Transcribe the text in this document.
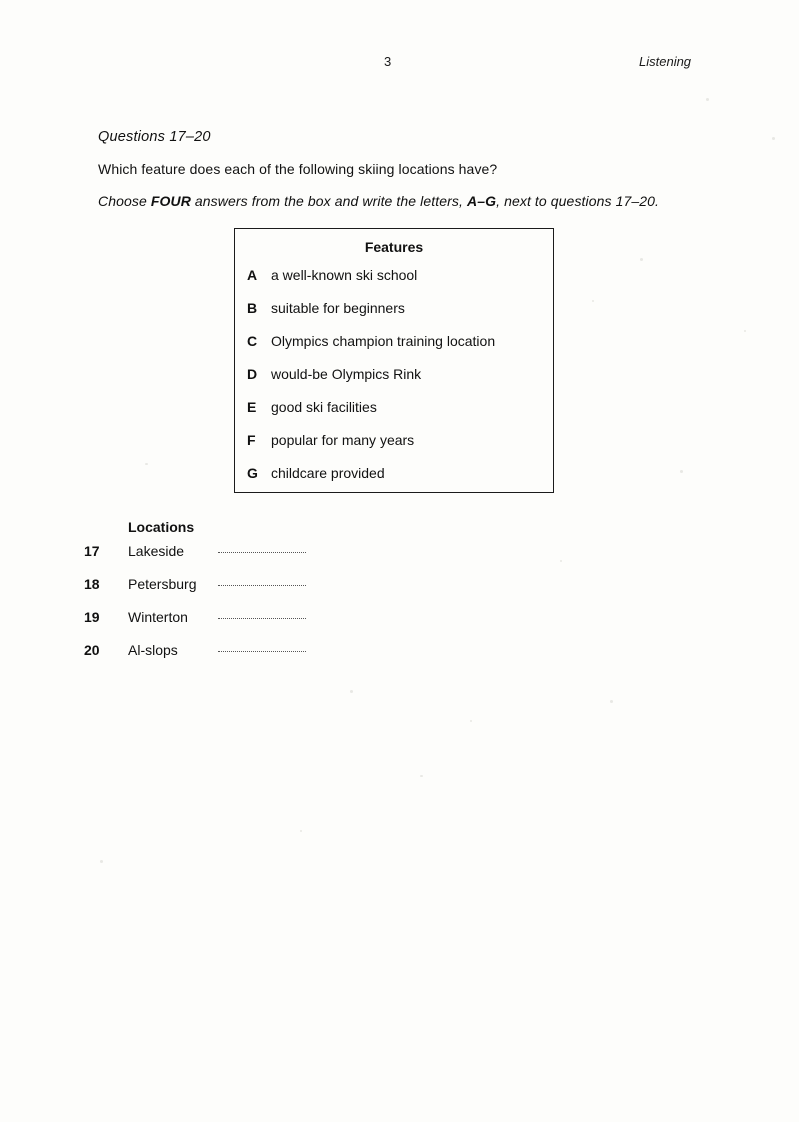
3	Listening
Questions 17–20
Which feature does each of the following skiing locations have?
Choose FOUR answers from the box and write the letters, A–G, next to questions 17–20.
Features
A a well-known ski school
B suitable for beginners
C Olympics champion training location
D would-be Olympics Rink
E good ski facilities
F popular for many years
G childcare provided
Locations
17	Lakeside
18	Petersburg
19	Winterton
20	Al-slops
